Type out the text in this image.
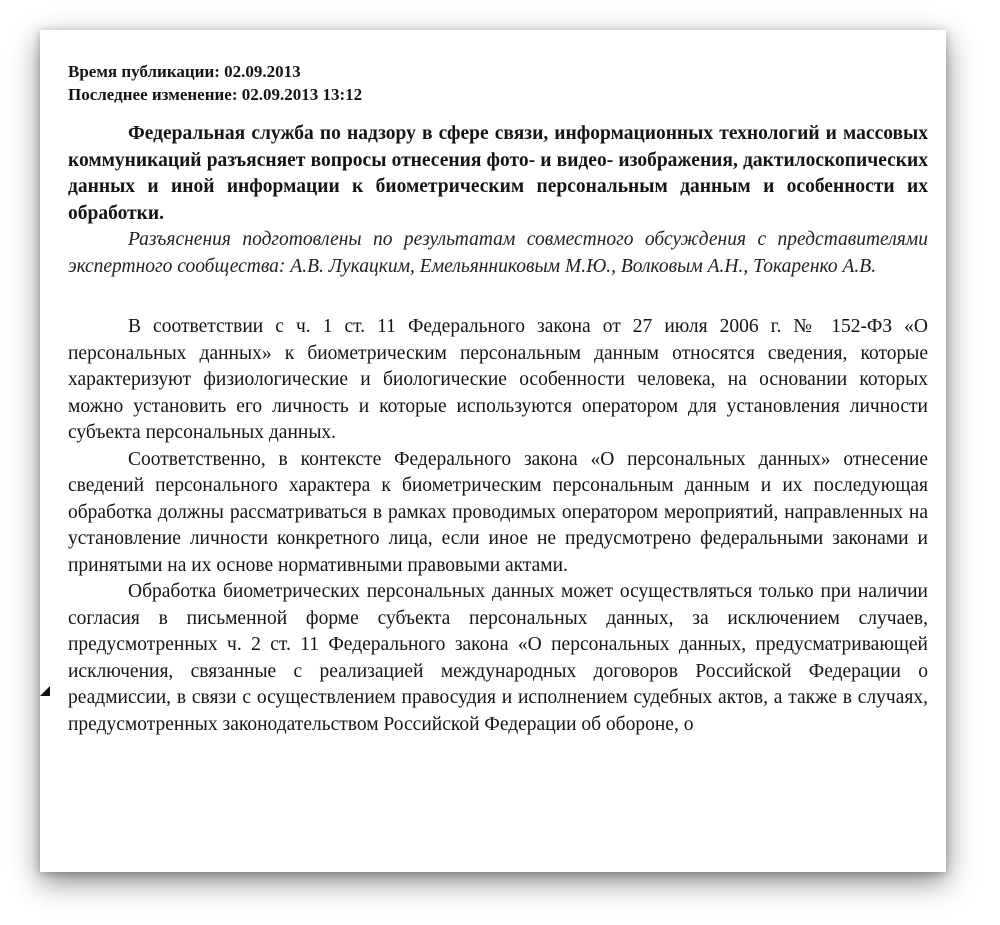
Время публикации: 02.09.2013
Последнее изменение: 02.09.2013 13:12
Федеральная служба по надзору в сфере связи, информационных технологий и массовых коммуникаций разъясняет вопросы отнесения фото- и видео- изображения, дактилоскопических данных и иной информации к биометрическим персональным данным и особенности их обработки.
Разъяснения подготовлены по результатам совместного обсуждения с представителями экспертного сообщества: А.В. Лукацким, Емельянниковым М.Ю., Волковым А.Н., Токаренко А.В.

В соответствии с ч. 1 ст. 11 Федерального закона от 27 июля 2006 г. № 152-ФЗ «О персональных данных» к биометрическим персональным данным относятся сведения, которые характеризуют физиологические и биологические особенности человека, на основании которых можно установить его личность и которые используются оператором для установления личности субъекта персональных данных.

Соответственно, в контексте Федерального закона «О персональных данных» отнесение сведений персонального характера к биометрическим персональным данным и их последующая обработка должны рассматриваться в рамках проводимых оператором мероприятий, направленных на установление личности конкретного лица, если иное не предусмотрено федеральными законами и принятыми на их основе нормативными правовыми актами.

Обработка биометрических персональных данных может осуществляться только при наличии согласия в письменной форме субъекта персональных данных, за исключением случаев, предусмотренных ч. 2 ст. 11 Федерального закона «О персональных данных, предусматривающей исключения, связанные с реализацией международных договоров Российской Федерации о реадмиссии, в связи с осуществлением правосудия и исполнением судебных актов, а также в случаях, предусмотренных законодательством Российской Федерации об обороне, о
